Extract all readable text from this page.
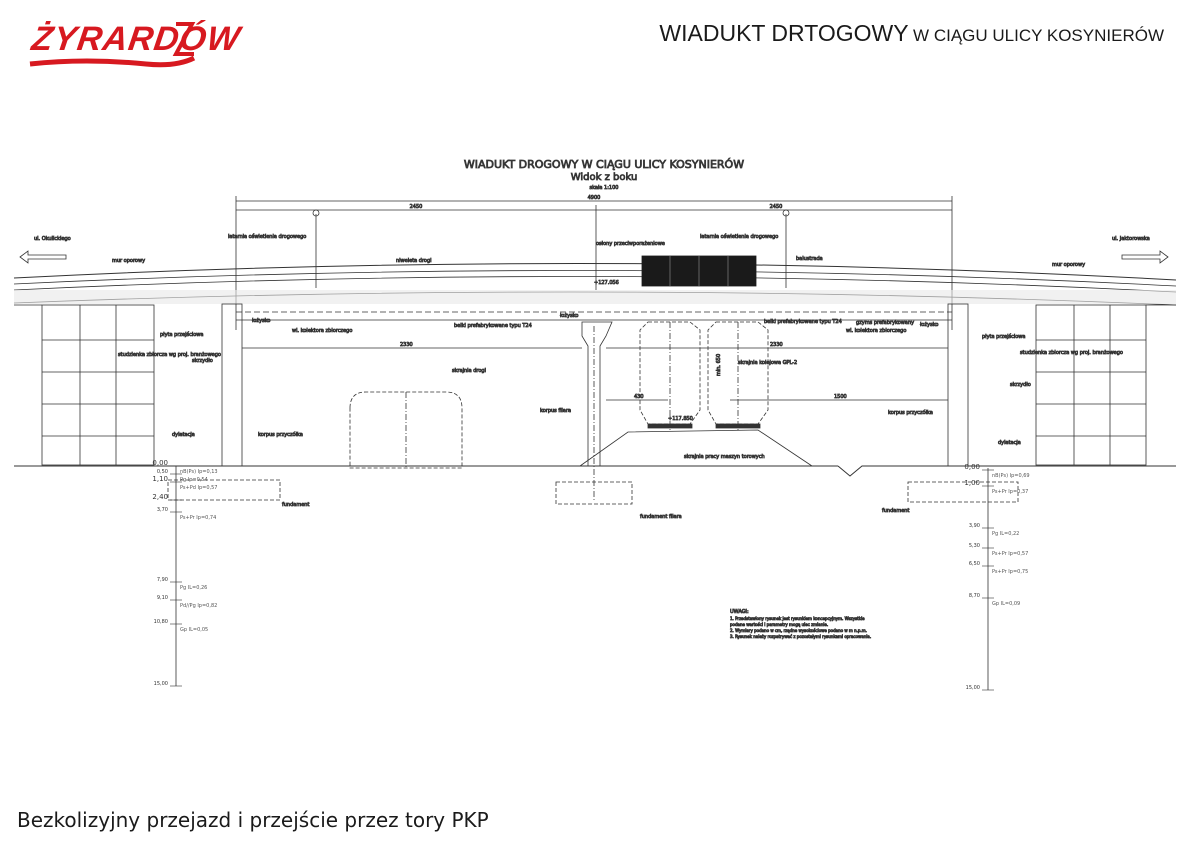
ŻYRARDÓW	WIADUKT DRTOGOWY W CIĄGU ULICY KOSYNIERÓW
WIADUKT DROGOWY W CIĄGU ULICY KOSYNIERÓW
Widok z boku
skala 1:100
4900
2450	2450
ul. Okulickiego	ul. Jaktorowska
latarnia oświetlenia drogowego	latarnia oświetlenia drogowego
osłony przeciwporażeniowe
+127.056
2330	2330
1500
430
skrajnia drogi
skrajnia kolejowa GPL-2
min. 650
+117.850
skrajnia pracy maszyn torowych
fundament
fundament filara
fundament
mur oporowy
mur oporowy
niweleta drogi	balustrada
belki prefabrykowane typu T24
belki prefabrykowane typu T24
wl. kolektora zbiorczego	wl. kolektora zbiorczego
gzyms prefabrykowany
płyta przejściowa	płyta przejściowa
studzienka zbiorcza wg proj. branżowego	studzienka zbiorcza wg proj. branżowego
skrzydło
skrzydło
dylatacja
dylatacja
korpus przyczółka
korpus przyczółka
korpus filara
łożysko
łożysko
łożysko
UWAGI:
1. Przedstawiony rysunek jest rysunkiem koncepcyjnym. Wszystkie
podane wartości i parametry mogą ulec zmianie.
2. Wymiary podano w cm, rzędne wysokościowe podano w m n.p.m.
3. Rysunek należy rozpatrywać z pozostałymi rysunkami opracowania.
0,00
nB(Ps) Ip=0,13
0,50
Pg Ip=0,54
1,10
Ps+Pd Ip=0,57
2,40
3,70
Ps+Pr Ip=0,74
7,90
Pg IL=0,26
9,10
Pd//Pg Ip=0,82
10,80
Gp IL=0,05
15,00
0,00
nB(Ps) Ip=0,69
1,00
Ps+Pr Ip=0,37
3,90
Pg IL=0,22
5,30
Ps+Pr Ip=0,57
6,50
Ps+Pr Ip=0,75
8,70
Gp IL=0,09
15,00
Bezkolizyjny przejazd i przejście przez tory PKP
